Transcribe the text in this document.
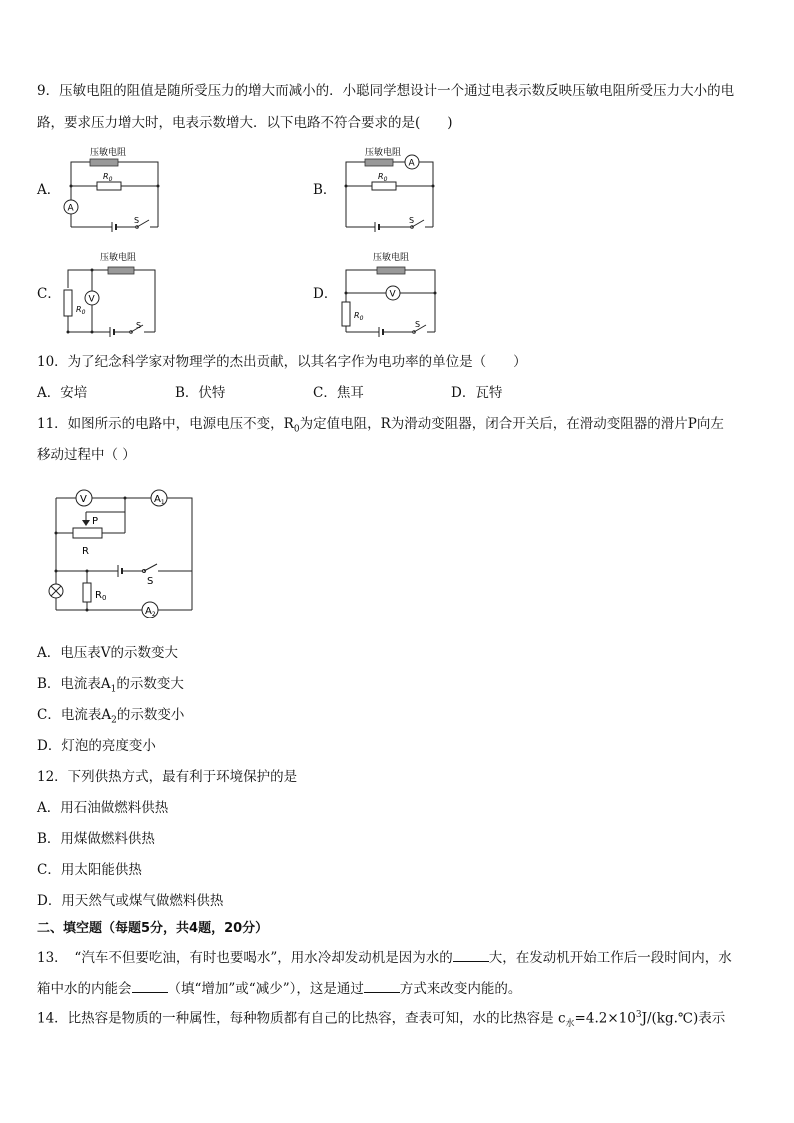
9．压敏电阻的阻值是随所受压力的增大而减小的．小聪同学想设计一个通过电表示数反映压敏电阻所受压力大小的电
路，要求压力增大时，电表示数增大．以下电路不符合要求的是(　　)
A．
压敏电阻
$R_0$
A
S
B．
压敏电阻
A
$R_0$
S
C．
压敏电阻
$R_0$
V
S
D．
压敏电阻
V
$R_0$
S
10．为了纪念科学家对物理学的杰出贡献，以其名字作为电功率的单位是（　　）
A．安培	B．伏特	C．焦耳	D．瓦特
11．如图所示的电路中，电源电压不变，$R_0$为定值电阻，R为滑动变阻器，闭合开关后，在滑动变阻器的滑片P向左
移动过程中（ ）
V	$A_1$
P
R
S
$R_0$
$A_2$
A．电压表V的示数变大
B．电流表$A_1$的示数变大
C．电流表$A_2$的示数变小
D．灯泡的亮度变小
12．下列供热方式，最有利于环境保护的是
A．用石油做燃料供热
B．用煤做燃料供热
C．用太阳能供热
D．用天然气或煤气做燃料供热
二、填空题（每题5分，共4题，20分）
13．　“汽车不但要吃油，有时也要喝水”，用水冷却发动机是因为水的	大，在发动机开始工作后一段时间内，水
箱中水的内能会	（填“增加”或“减少”），这是通过	方式来改变内能的。
14．比热容是物质的一种属性，每种物质都有自己的比热容，查表可知，水的比热容是 $c_水=4.2\times 10^3J/(kg.℃)$表示
